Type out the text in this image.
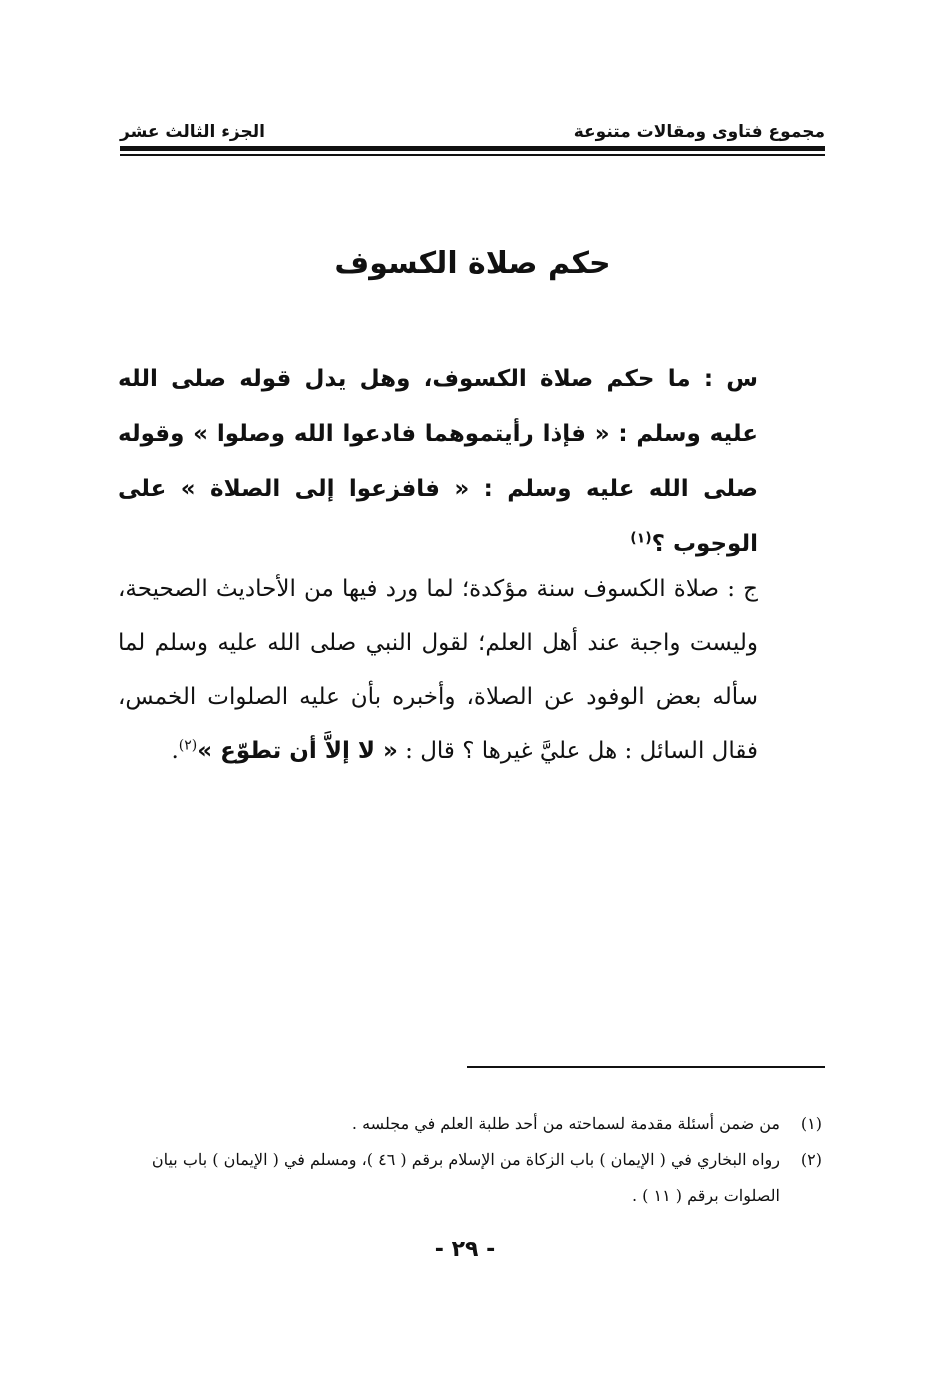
مجموع فتاوى ومقالات متنوعة
الجزء الثالث عشر
حكم صلاة الكسوف
س : ما حكم صلاة الكسوف، وهل يدل قوله صلى الله عليه وسلم : « فإذا رأيتموهما فادعوا الله وصلوا » وقوله صلى الله عليه وسلم : « فافزعوا إلى الصلاة » على الوجوب ؟$^{(١)}$
ج : صلاة الكسوف سنة مؤكدة؛ لما ورد فيها من الأحاديث الصحيحة، وليست واجبة عند أهل العلم؛ لقول النبي صلى الله عليه وسلم لما سأله بعض الوفود عن الصلاة، وأخبره بأن عليه الصلوات الخمس، فقال السائل : هل عليَّ غيرها ؟ قال : « لا إلاَّ أن تطوّع »$^{(٢)}$.
(١)
من ضمن أسئلة مقدمة لسماحته من أحد طلبة العلم في مجلسه .
(٢)
رواه البخاري في ( الإيمان ) باب الزكاة من الإسلام برقم ( ٤٦ )، ومسلم في ( الإيمان ) باب بيان الصلوات برقم ( ١١ ) .
- ٢٩ -
